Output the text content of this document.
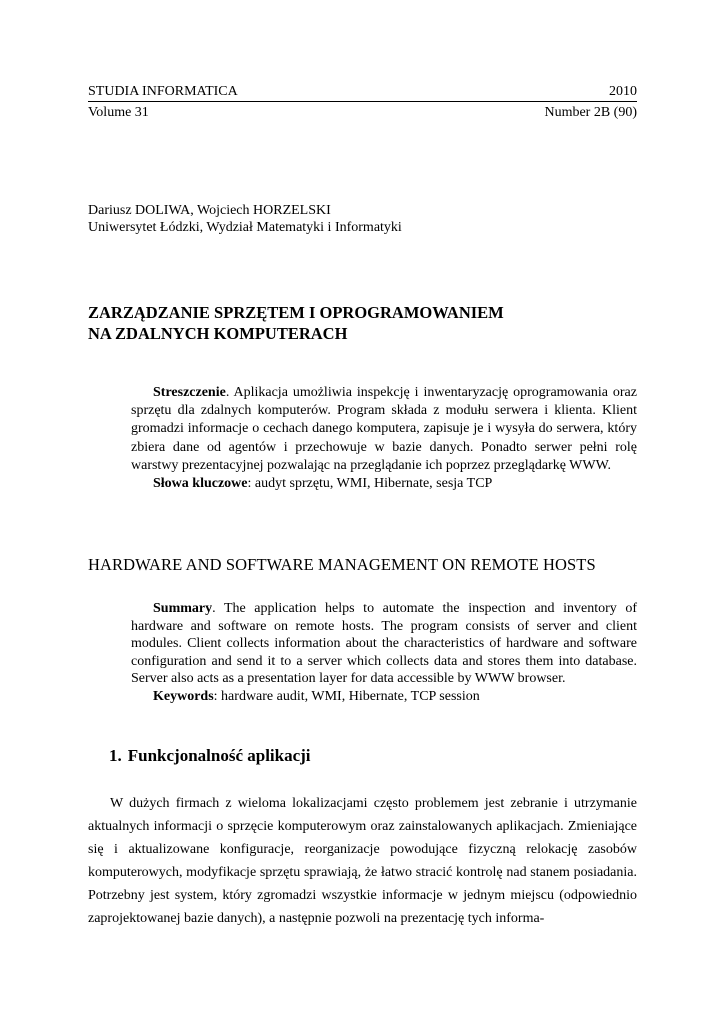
STUDIA INFORMATICA	2010
Volume 31	Number 2B (90)
Dariusz DOLIWA, Wojciech HORZELSKI
Uniwersytet Łódzki, Wydział Matematyki i Informatyki
ZARZĄDZANIE SPRZĘTEM I OPROGRAMOWANIEM
NA ZDALNYCH KOMPUTERACH

Streszczenie. Aplikacja umożliwia inspekcję i inwentaryzację oprogramowania oraz sprzętu dla zdalnych komputerów. Program składa z modułu serwera i klienta. Klient gromadzi informacje o cechach danego komputera, zapisuje je i wysyła do serwera, który zbiera dane od agentów i przechowuje w bazie danych. Ponadto serwer pełni rolę warstwy prezentacyjnej pozwalając na przeglądanie ich poprzez przeglądarkę WWW.

Słowa kluczowe: audyt sprzętu, WMI, Hibernate, sesja TCP

HARDWARE AND SOFTWARE MANAGEMENT ON REMOTE HOSTS

Summary. The application helps to automate the inspection and inventory of hardware and software on remote hosts. The program consists of server and client modules. Client collects information about the characteristics of hardware and software configuration and send it to a server which collects data and stores them into database. Server also acts as a presentation layer for data accessible by WWW browser.

Keywords: hardware audit, WMI, Hibernate, TCP session

1. Funkcjonalność aplikacji

W dużych firmach z wieloma lokalizacjami często problemem jest zebranie i utrzymanie aktualnych informacji o sprzęcie komputerowym oraz zainstalowanych aplikacjach. Zmieniające się i aktualizowane konfiguracje, reorganizacje powodujące fizyczną relokację zasobów komputerowych, modyfikacje sprzętu sprawiają, że łatwo stracić kontrolę nad stanem posiadania. Potrzebny jest system, który zgromadzi wszystkie informacje w jednym miejscu (odpowiednio zaprojektowanej bazie danych), a następnie pozwoli na prezentację tych informa-
